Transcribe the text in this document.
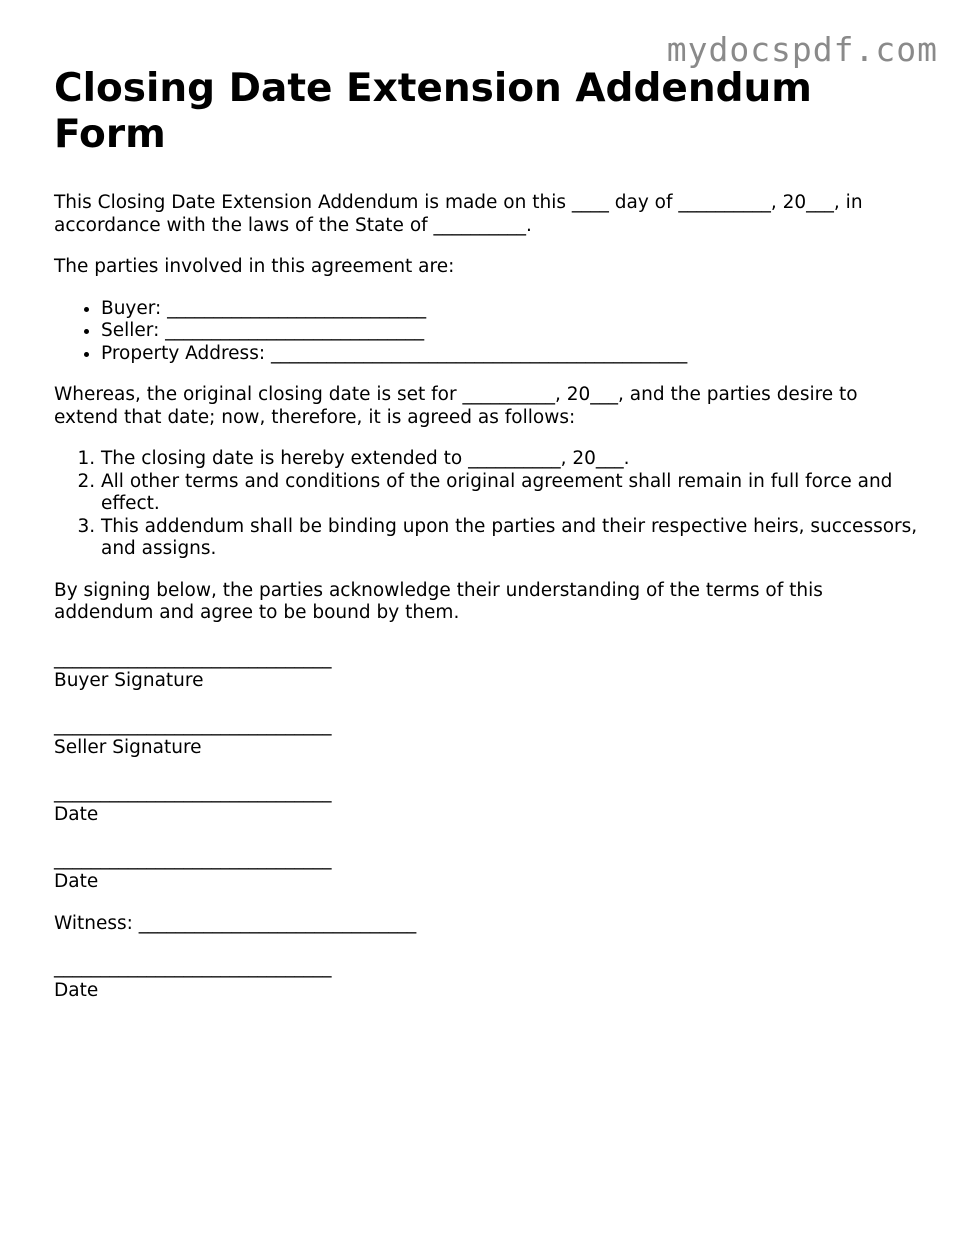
mydocspdf.com
Closing Date Extension Addendum Form

This Closing Date Extension Addendum is made on this ____ day of __________, 20___, in accordance with the laws of the State of __________.

The parties involved in this agreement are:

• Buyer: ____________________________
• Seller: ____________________________
• Property Address: _____________________________________________

Whereas, the original closing date is set for __________, 20___, and the parties desire to extend that date; now, therefore, it is agreed as follows:

1. The closing date is hereby extended to __________, 20___.
2. All other terms and conditions of the original agreement shall remain in full force and effect.
3. This addendum shall be binding upon the parties and their respective heirs, successors, and assigns.

By signing below, the parties acknowledge their understanding of the terms of this addendum and agree to be bound by them.

______________________________
Buyer Signature
______________________________
Seller Signature
______________________________
Date
______________________________
Date

Witness: ______________________________

______________________________
Date
